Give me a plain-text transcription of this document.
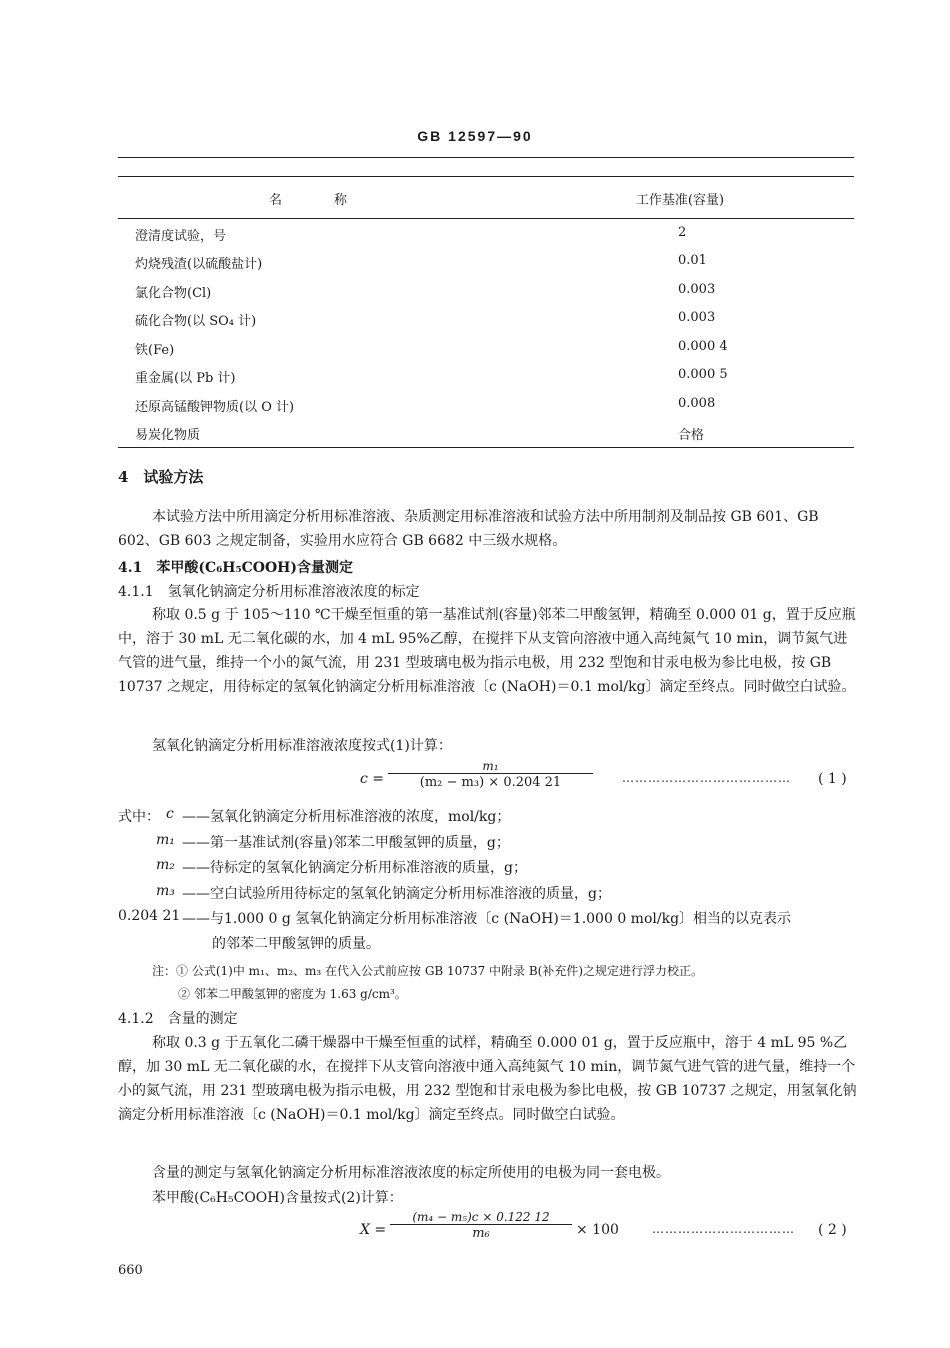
GB 12597—90
名　　　　称	工作基准(容量)
澄清度试验，号	2
灼烧残渣(以硫酸盐计)	0.01
氯化合物(Cl)	0.003
硫化合物(以 SO₄ 计)	0.003
铁(Fe)	0.000 4
重金属(以 Pb 计)	0.000 5
还原高锰酸钾物质(以 O 计)	0.008
易炭化物质	合格
4　试验方法
本试验方法中所用滴定分析用标准溶液、杂质测定用标准溶液和试验方法中所用制剂及制品按 GB 601、GB 602、GB 603 之规定制备，实验用水应符合 GB 6682 中三级水规格。
4.1　苯甲酸(C₆H₅COOH)含量测定
4.1.1　氢氧化钠滴定分析用标准溶液浓度的标定
称取 0.5 g 于 105～110 ℃干燥至恒重的第一基准试剂(容量)邻苯二甲酸氢钾，精确至 0.000 01 g，置于反应瓶中，溶于 30 mL 无二氧化碳的水，加 4 mL 95%乙醇，在搅拌下从支管向溶液中通入高纯氮气 10 min，调节氮气进气管的进气量，维持一个小的氮气流，用 231 型玻璃电极为指示电极，用 232 型饱和甘汞电极为参比电极，按 GB 10737 之规定，用待标定的氢氧化钠滴定分析用标准溶液〔c (NaOH)＝0.1 mol/kg〕滴定至终点。同时做空白试验。
氢氧化钠滴定分析用标准溶液浓度按式(1)计算：
$c = \frac{\text{m₁}}{\text{(m₂ − m₃) × 0.204 21}}$ ………………………………… ( 1 )
式中： c ——氢氧化钠滴定分析用标准溶液的浓度，mol/kg；
m₁ ——第一基准试剂(容量)邻苯二甲酸氢钾的质量，g；
m₂ ——待标定的氢氧化钠滴定分析用标准溶液的质量，g；
m₃ ——空白试验所用待标定的氢氧化钠滴定分析用标准溶液的质量，g；
0.204 21 ——与1.000 0 g 氢氧化钠滴定分析用标准溶液〔c (NaOH)＝1.000 0 mol/kg〕相当的以克表示
的邻苯二甲酸氢钾的质量。
注：① 公式(1)中 m₁、m₂、m₃ 在代入公式前应按 GB 10737 中附录 B(补充件)之规定进行浮力校正。
② 邻苯二甲酸氢钾的密度为 1.63 g/cm³。
4.1.2　含量的测定
称取 0.3 g 于五氧化二磷干燥器中干燥至恒重的试样，精确至 0.000 01 g，置于反应瓶中，溶于 4 mL 95 %乙醇，加 30 mL 无二氧化碳的水，在搅拌下从支管向溶液中通入高纯氮气 10 min，调节氮气进气管的进气量，维持一个小的氮气流，用 231 型玻璃电极为指示电极，用 232 型饱和甘汞电极为参比电极，按 GB 10737 之规定，用氢氧化钠滴定分析用标准溶液〔c (NaOH)＝0.1 mol/kg〕滴定至终点。同时做空白试验。
含量的测定与氢氧化钠滴定分析用标准溶液浓度的标定所使用的电极为同一套电极。
苯甲酸(C₆H₅COOH)含量按式(2)计算：
$X = \frac{\text{(m₄ − m₅)c × 0.122 12}}{\text{m₆}} \times 100$	…………………………… ( 2 )
660
